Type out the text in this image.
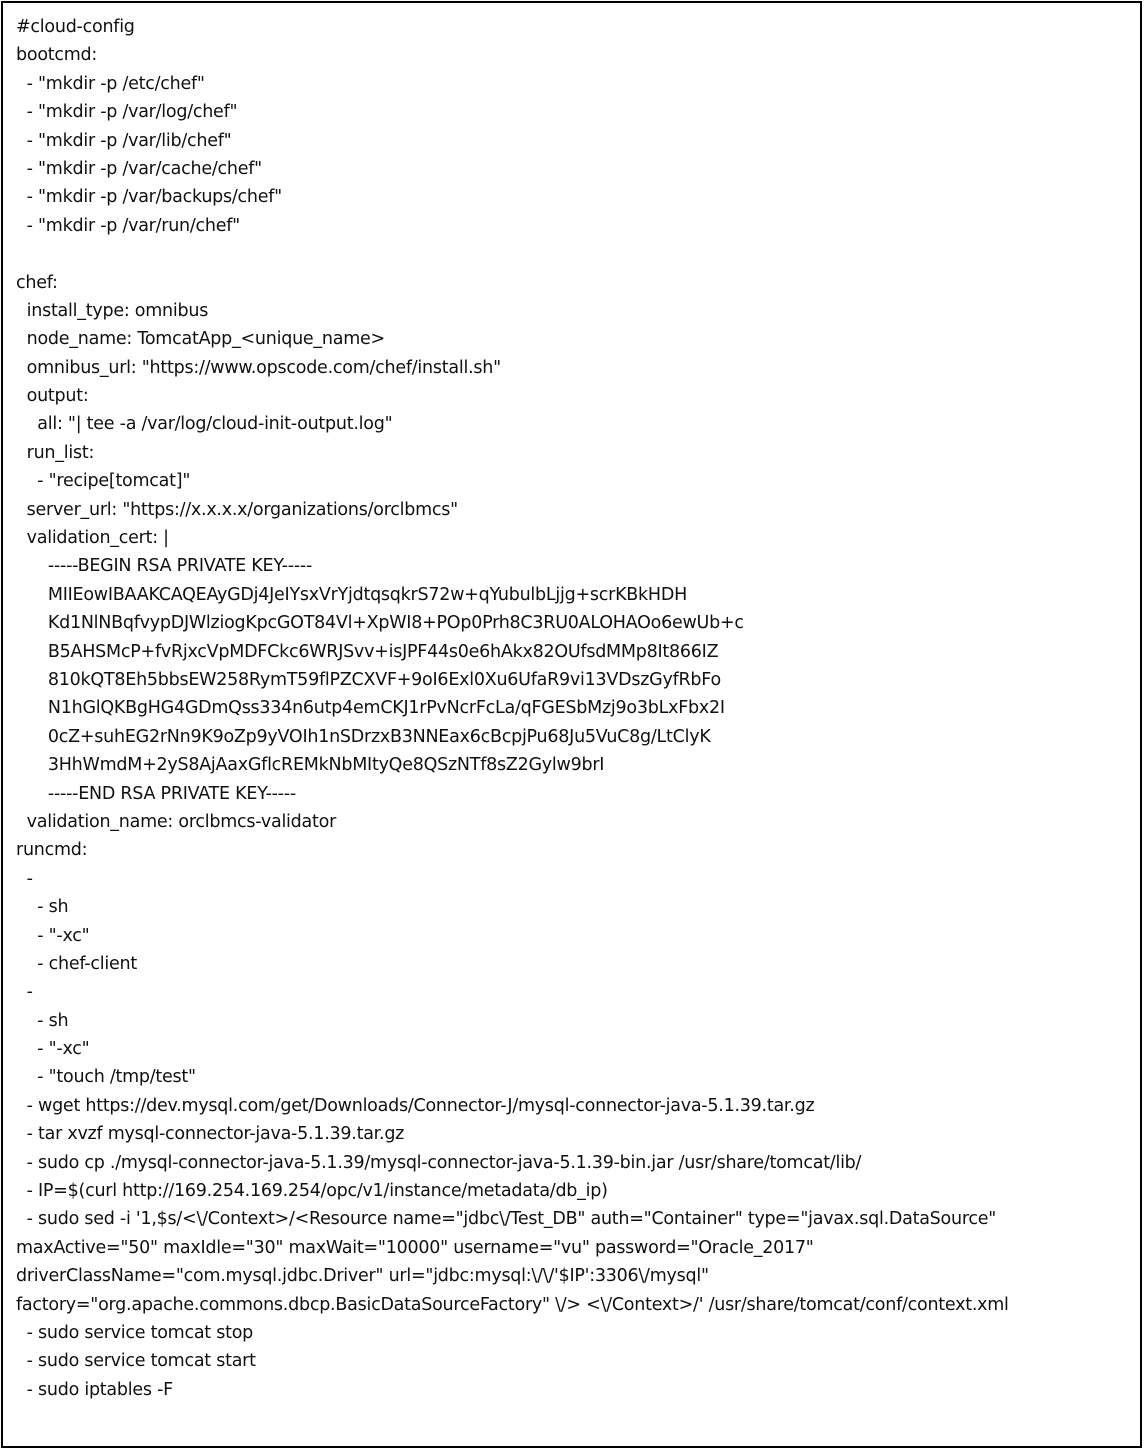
#cloud-config
bootcmd:
- "mkdir -p /etc/chef"
- "mkdir -p /var/log/chef"
- "mkdir -p /var/lib/chef"
- "mkdir -p /var/cache/chef"
- "mkdir -p /var/backups/chef"
- "mkdir -p /var/run/chef"
chef:
install_type: omnibus
node_name: TomcatApp_<unique_name>
omnibus_url: "https://www.opscode.com/chef/install.sh"
output:
all: "| tee -a /var/log/cloud-init-output.log"
run_list:
- "recipe[tomcat]"
server_url: "https://x.x.x.x/organizations/orclbmcs"
validation_cert: |
-----BEGIN RSA PRIVATE KEY-----
MIIEowIBAAKCAQEAyGDj4JeIYsxVrYjdtqsqkrS72w+qYubulbLjjg+scrKBkHDH
Kd1NlNBqfvypDJWlziogKpcGOT84Vl+XpWI8+POp0Prh8C3RU0ALOHAOo6ewUb+c
B5AHSMcP+fvRjxcVpMDFCkc6WRJSvv+isJPF44s0e6hAkx82OUfsdMMp8It866IZ
810kQT8Eh5bbsEW258RymT59flPZCXVF+9oI6Exl0Xu6UfaR9vi13VDszGyfRbFo
N1hGlQKBgHG4GDmQss334n6utp4emCKJ1rPvNcrFcLa/qFGESbMzj9o3bLxFbx2I
0cZ+suhEG2rNn9K9oZp9yVOIh1nSDrzxB3NNEax6cBcpjPu68Ju5VuC8g/LtClyK
3HhWmdM+2yS8AjAaxGflcREMkNbMItyQe8QSzNTf8sZ2Gylw9brI
-----END RSA PRIVATE KEY-----
validation_name: orclbmcs-validator
runcmd:
-
- sh
- "-xc"
- chef-client
-
- sh
- "-xc"
- "touch /tmp/test"
- wget https://dev.mysql.com/get/Downloads/Connector-J/mysql-connector-java-5.1.39.tar.gz
- tar xvzf mysql-connector-java-5.1.39.tar.gz
- sudo cp ./mysql-connector-java-5.1.39/mysql-connector-java-5.1.39-bin.jar /usr/share/tomcat/lib/
- IP=$(curl http://169.254.169.254/opc/v1/instance/metadata/db_ip)
- sudo sed -i '1,$s/<\/Context>/<Resource name="jdbc\/Test_DB" auth="Container" type="javax.sql.DataSource"
maxActive="50" maxIdle="30" maxWait="10000" username="vu" password="Oracle_2017"
driverClassName="com.mysql.jdbc.Driver" url="jdbc:mysql:\/\/'$IP':3306\/mysql"
factory="org.apache.commons.dbcp.BasicDataSourceFactory" \/> <\/Context>/' /usr/share/tomcat/conf/context.xml
- sudo service tomcat stop
- sudo service tomcat start
- sudo iptables -F
